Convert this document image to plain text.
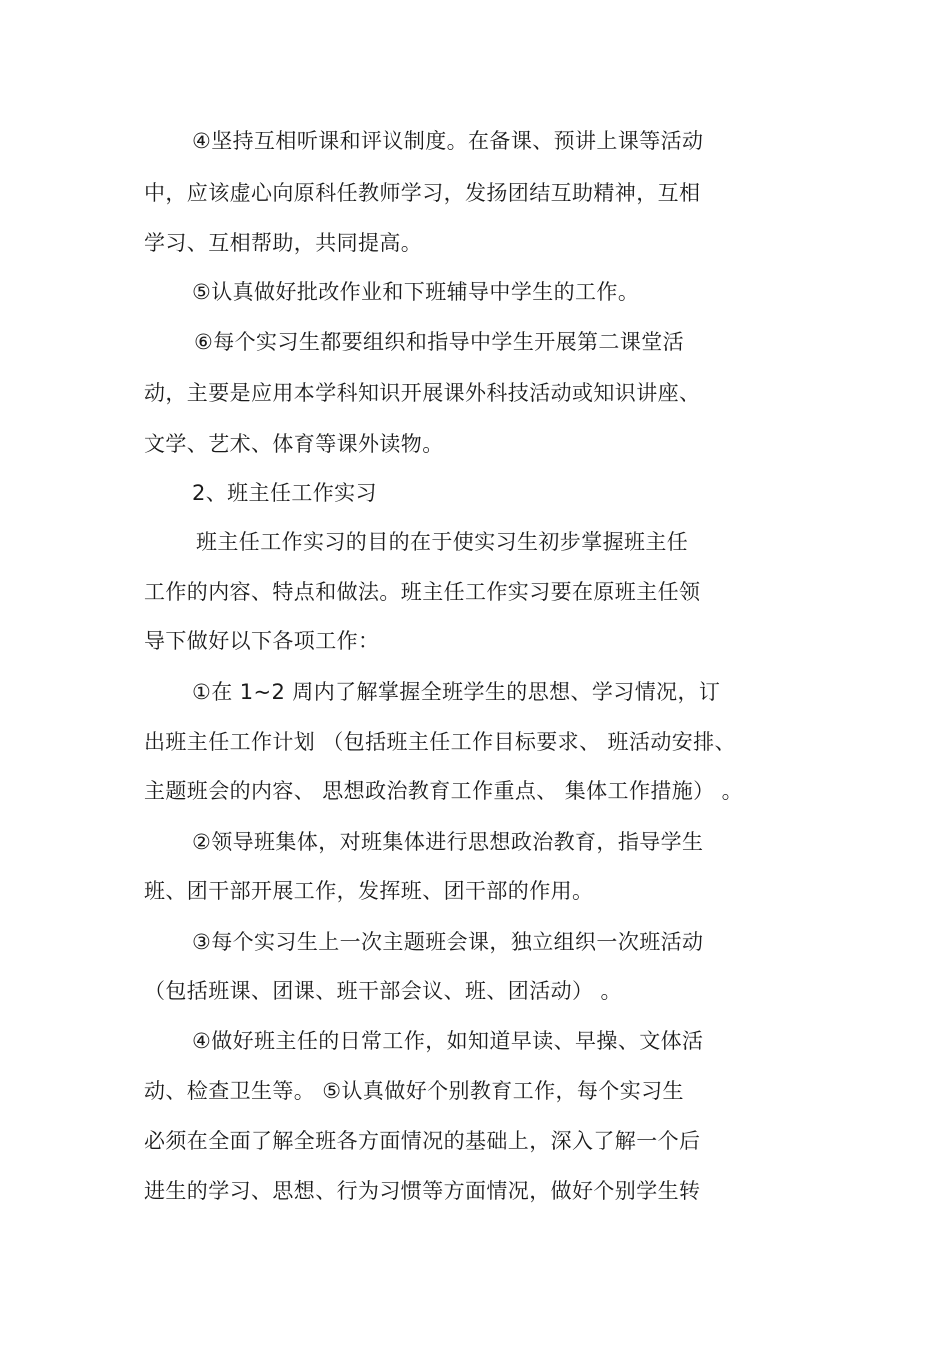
④坚持互相听课和评议制度。在备课、预讲上课等活动
中，应该虚心向原科任教师学习，发扬团结互助精神，互相
学习、互相帮助，共同提高。
⑤认真做好批改作业和下班辅导中学生的工作。
⑥每个实习生都要组织和指导中学生开展第二课堂活
动，主要是应用本学科知识开展课外科技活动或知识讲座、
文学、艺术、体育等课外读物。
2、班主任工作实习
班主任工作实习的目的在于使实习生初步掌握班主任
工作的内容、特点和做法。班主任工作实习要在原班主任领
导下做好以下各项工作：
①在 1~2 周内了解掌握全班学生的思想、学习情况，订
出班主任工作计划 （包括班主任工作目标要求、 班活动安排、
主题班会的内容、 思想政治教育工作重点、 集体工作措施） 。
②领导班集体，对班集体进行思想政治教育，指导学生
班、团干部开展工作，发挥班、团干部的作用。
③每个实习生上一次主题班会课，独立组织一次班活动
（包括班课、团课、班干部会议、班、团活动） 。
④做好班主任的日常工作，如知道早读、早操、文体活
动、检查卫生等。 ⑤认真做好个别教育工作，每个实习生
必须在全面了解全班各方面情况的基础上，深入了解一个后
进生的学习、思想、行为习惯等方面情况，做好个别学生转
